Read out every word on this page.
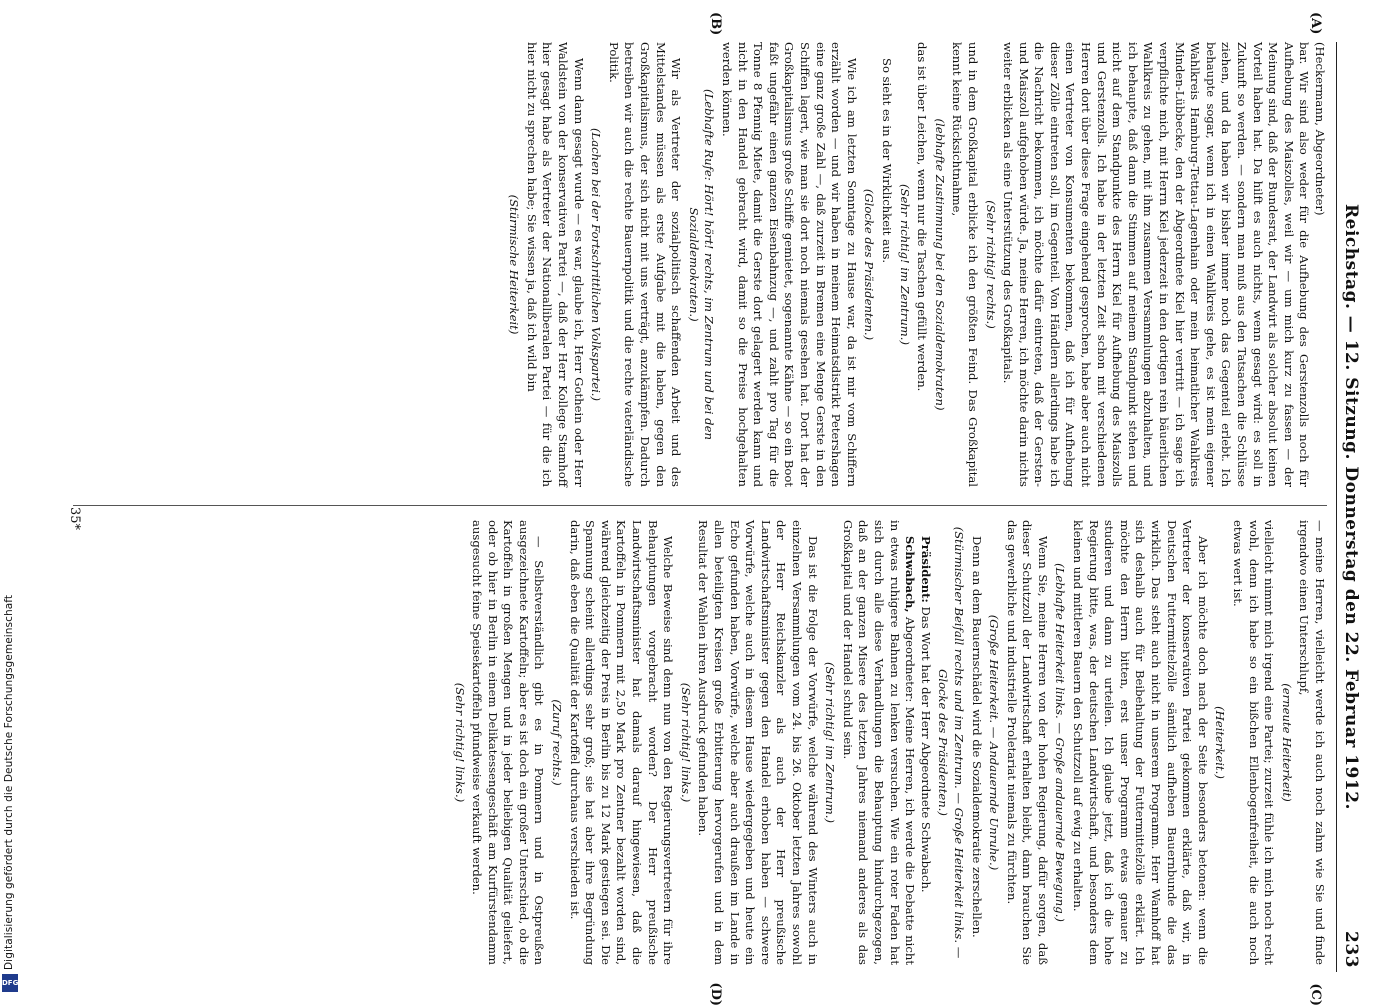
Reichstag. — 12. Sitzung. Donnerstag den 22. Februar 1912.
233
(A)
(B)
(C)
(D)

(Heckermann, Abgeordneter)

bar. Wir sind also weder für die Aufhebung des Gerstenzolls noch für Aufhebung des Maiszolles, weil wir — um mich kurz zu fassen — der Meinung sind, daß der Bundesrat, der Landwirt als solcher absolut keinen Vorteil haben hat. Da hilft es auch nichts, wenn gesagt wird: es soll in Zukunft so werden. — sondern man muß aus den Tatsachen die Schlüsse ziehen, und da haben wir bisher immer noch das Gegenteil erlebt. Ich behaupte sogar, wenn ich in einen Wahlkreis gehe, es ist mein eigener Wahlkreis Hamburg-Tettau-Lagenhain oder mein heimatlicher Wahlkreis Minden-Lübbecke, den der Abgeordnete Kiel hier vertritt — ich sage ich verpflichte mich, mit Herrn Kiel jederzeit in den dortigen rein bäuerlichen Wahlkreis zu gehen, mit ihm zusammen Versammlungen abzuhalten, und ich behaupte, daß dann die Stimmen auf meinem Standpunkt stehen und nicht auf dem Standpunkte des Herrn Kiel für Aufhebung des Maiszolls und Gerstenzolls. Ich habe in der letzten Zeit schon mit verschiedenen Herren dort über diese Frage eingehend gesprochen, habe aber auch nicht einen Vertreter von Konsumenten bekommen, daß ich für Aufhebung dieser Zölle eintreten soll, im Gegenteil. Von Händlern allerdings habe ich die Nachricht bekommen, ich möchte dafür eintreten, daß der Gersten- und Maiszoll aufgehoben würde. Ja, meine Herren, ich möchte darin nichts weiter erblicken als eine Unterstützung des Großkapitals.

(Sehr richtig! rechts.)

und in dem Großkapital erblicke ich den größten Feind. Das Großkapital kennt keine Rücksichtnahme,

(lebhafte Zustimmung bei den Sozialdemokraten)

das ist über Leichen, wenn nur die Taschen gefüllt werden.

(Sehr richtig! im Zentrum.)

So sieht es in der Wirklichkeit aus.

(Glocke des Präsidenten.)

Wie ich am letzten Sonntage zu Hause war, da ist mir vom Schiffern erzählt worden — und wir haben in meinem Heimatsdistrikt Petershagen eine ganz große Zahl —, daß zurzeit in Bremen eine Menge Gerste in den Schiffen lagert, wie man sie dort noch niemals gesehen hat. Dort hat der Großkapitalismus große Schiffe gemietet, sogenannte Kähne — so ein Boot faßt ungefähr einen ganzen Eisenbahnzug —, und zahlt pro Tag für die Tonne 8 Pfennig Miete, damit die Gerste dort gelagert werden kann und nicht in den Handel gebracht wird, damit so die Preise hochgehalten werden können.

(Lebhafte Rufe: Hört! hört! rechts, im Zentrum und bei den Sozialdemokraten.)

Wir als Vertreter der sozialpolitisch schaffenden Arbeit und des Mittelstandes müssen als erste Aufgabe mit die haben, gegen den Großkapitalismus, der sich nicht mit uns verträgt, anzukämpfen. Dadurch betreiben wir auch die rechte Bauernpolitik und die rechte vaterländische Politik.

(Lachen bei der Fortschrittlichen Volkspartei.)

Wenn dann gesagt wurde — es war, glaube ich, Herr Gothein oder Herr Waldstein von der konservativen Partei —, daß der Herr Kollege Stamhoff hier gesagt habe als Vertreter der Nationalliberalen Partei — für die ich hier nicht zu sprechen habe; Sie wissen ja, daß ich wild bin

(Stürmische Heiterkeit)

— meine Herren, vielleicht werde ich auch noch zahm wie Sie und finde irgendwo einen Unterschlupf,

(erneute Heiterkeit)

vielleicht nimmt mich irgend eine Partei; zurzeit fühle ich mich noch recht wohl, denn ich habe so ein bißchen Ellenbogenfreiheit, die auch noch etwas wert ist.

(Heiterkeit.)

Aber ich möchte doch nach der Seite besonders betonen: wenn die Vertreter der konservativen Partei gekommen erklärte, daß wir, in Deutschen Futtermittelzölle sämtlich aufheben Bauernbunde die das wirklich. Das steht auch nicht in unserem Programm. Herr Wamhoff hat sich deshalb auch für Beibehaltung der Futtermittelzölle erklärt. Ich möchte den Herrn bitten, erst unser Programm etwas genauer zu studieren und dann zu urteilen. Ich glaube jetzt, daß ich die hohe Regierung bitte, was, der deutschen Landwirtschaft, und besonders dem kleinen und mittleren Bauern den Schutzzoll auf ewig zu erhalten.

(Lebhafte Heiterkeit links. — Große andauernde Bewegung.)

Wenn Sie, meine Herren von der hohen Regierung, dafür sorgen, daß dieser Schutzzoll der Landwirtschaft erhalten bleibt, dann brauchen Sie das gewerbliche und industrielle Proletariat niemals zu fürchten.

(Große Heiterkeit. — Andauernde Unruhe.)

Denn an dem Bauernschädel wird die Sozialdemokratie zerschellen.

(Stürmischer Beifall rechts und im Zentrum. — Große Heiterkeit links. — Glocke des Präsidenten.)

Präsident: Das Wort hat der Herr Abgeordnete Schwabach.

Schwabach, Abgeordneter: Meine Herren, ich werde die Debatte nicht in etwas ruhigere Bahnen zu lenken versuchen. Wie ein roter Faden hat sich durch alle diese Verhandlungen die Behauptung hindurchgezogen, daß an der ganzen Misere des letzten Jahres niemand anderes als das Großkapital und der Handel schuld sein.

(Sehr richtig! im Zentrum.)

Das ist die Folge der Vorwürfe, welche während des Winters auch in einzelnen Versammlungen vom 24. bis 26. Oktober letzten Jahres sowohl der Herr Reichskanzler als auch der Herr preußische Landwirtschaftsminister gegen den Handel erhoben haben — schwere Vorwürfe, welche auch in diesem Hause wiedergegeben und heute ein Echo gefunden haben, Vorwürfe, welche aber auch draußen im Lande in allen beteiligten Kreisen große Erbitterung hervorgerufen und in dem Resultat der Wahlen ihren Ausdruck gefunden haben.

(Sehr richtig! links.)

Welche Beweise sind denn nun von den Regierungsvertretern für ihre Behauptungen vorgebracht worden? Der Herr preußische Landwirtschaftsminister hat damals darauf hingewiesen, daß die Kartoffeln in Pommern mit 2,50 Mark pro Zentner bezahlt worden sind, während gleichzeitig der Preis in Berlin bis zu 12 Mark gestiegen sei. Die Spannung scheint allerdings sehr groß; sie hat aber ihre Begründung darin, daß eben die Qualität der Kartoffel durchaus verschieden ist.

(Zuruf rechts.)

— Selbstverständlich gibt es in Pommern und in Ostpreußen ausgezeichnete Kartoffeln; aber es ist doch ein großer Unterschied, ob die Kartoffeln in großen Mengen und in jeder beliebigen Qualität geliefert, oder ob hier in Berlin in einem Delikatessengeschäft am Kurfürstendamm ausgesucht feine Speisekartoffeln pfundweise verkauft werden.

(Sehr richtig! links.)

35*
Digitalisierung gefördert durch die Deutsche Forschungsgemeinschaft
DFG
